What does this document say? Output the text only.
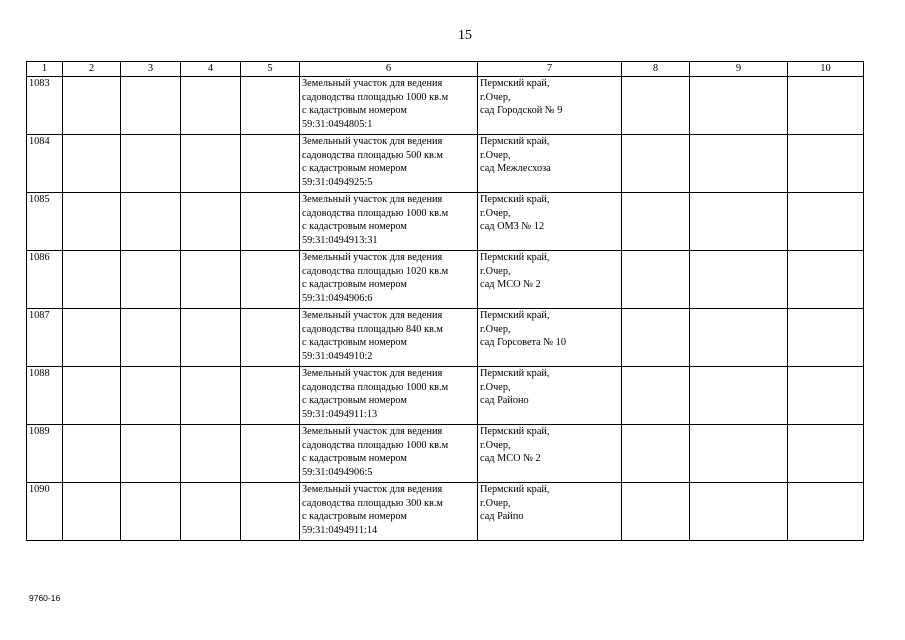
15
1	2	3	4	5	6	7	8	9	10
1083					Земельный участок для ведения
садоводства площадью 1000 кв.м
с кадастровым номером
59:31:0494805:1	Пермский край,
г.Очер,
сад Городской № 9			
1084					Земельный участок для ведения
садоводства площадью 500 кв.м
с кадастровым номером
59:31:0494925:5	Пермский край,
г.Очер,
сад Межлесхоза			
1085					Земельный участок для ведения
садоводства площадью 1000 кв.м
с кадастровым номером
59:31:0494913:31	Пермский край,
г.Очер,
сад ОМЗ № 12			
1086					Земельный участок для ведения
садоводства площадью 1020 кв.м
с кадастровым номером
59:31:0494906:6	Пермский край,
г.Очер,
сад МСО № 2			
1087					Земельный участок для ведения
садоводства площадью 840 кв.м
с кадастровым номером
59:31:0494910:2	Пермский край,
г.Очер,
сад Горсовета № 10			
1088					Земельный участок для ведения
садоводства площадью 1000 кв.м
с кадастровым номером
59:31:0494911:13	Пермский край,
г.Очер,
сад Районо			
1089					Земельный участок для ведения
садоводства площадью 1000 кв.м
с кадастровым номером
59:31:0494906:5	Пермский край,
г.Очер,
сад МСО № 2			
1090					Земельный участок для ведения
садоводства площадью 300 кв.м
с кадастровым номером
59:31:0494911:14	Пермский край,
г.Очер,
сад Райпо			
9760-16
